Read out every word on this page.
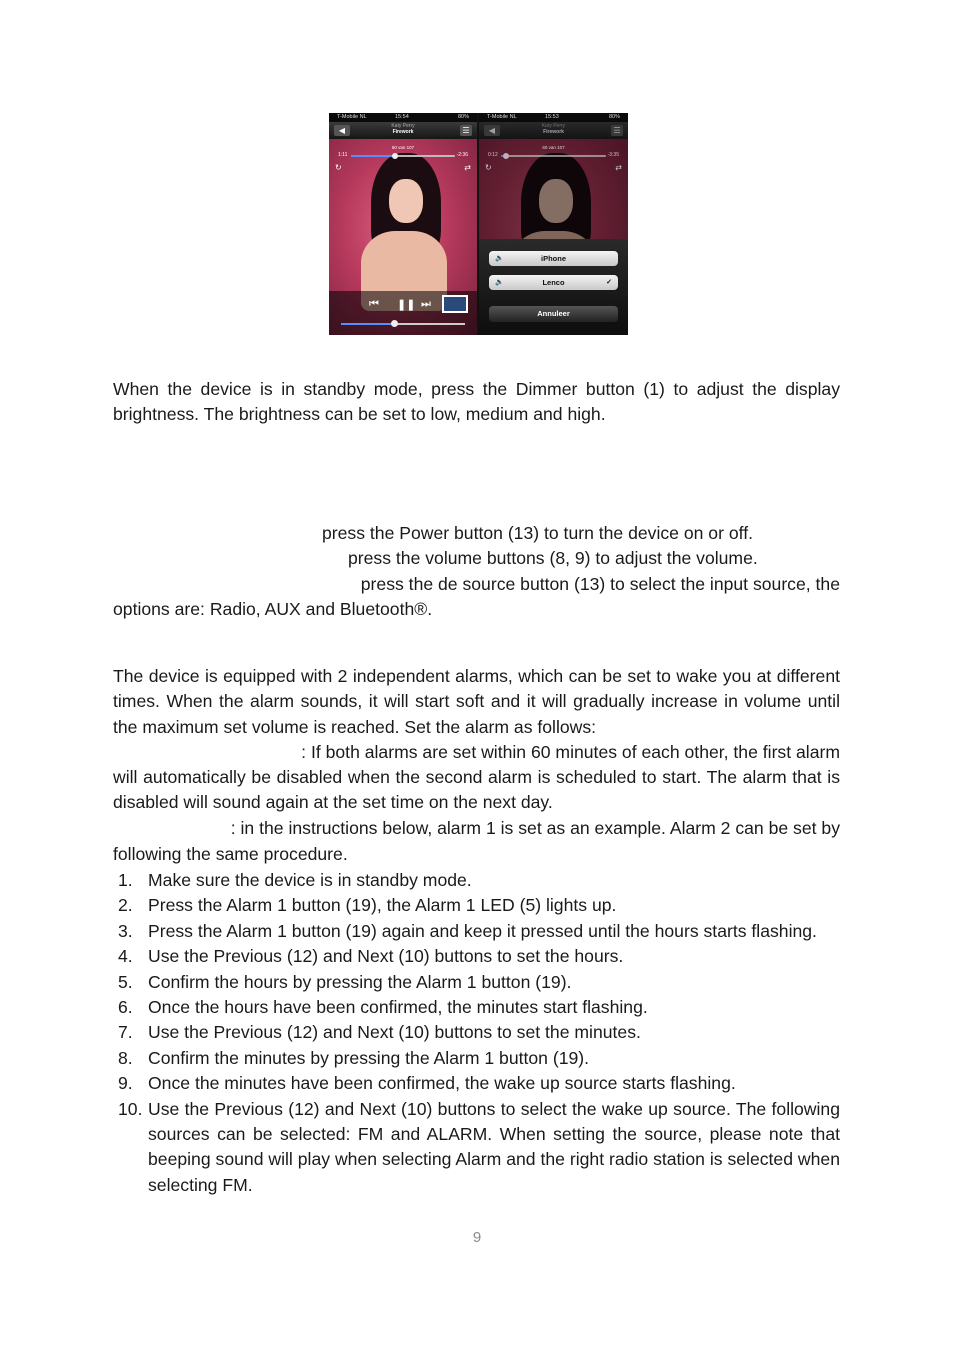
T-Mobile NL	15:54	80%
◀	Katy Perry
Firework	☰
60 van 107
1:11	-2:36
↻	⇄
⏮ ❚❚ ⏭
T-Mobile NL	15:53	80%
◀	Katy Perry
Firework	☰
60 van 107
0:12	-3:35
↻	⇄
🔈	iPhone
🔈	Lenco	✓
Annuleer

When the device is in standby mode, press the Dimmer button (1) to adjust the display brightness. The brightness can be set to low, medium and high.

press the Power button (13) to turn the device on or off.
press the volume buttons (8, 9) to adjust the volume.
press the de source button (13) to select the input source, the
options are: Radio, AUX and Bluetooth®.

The device is equipped with 2 independent alarms, which can be set to wake you at different times. When the alarm sounds, it will start soft and it will gradually increase in volume until the maximum set volume is reached. Set the alarm as follows:

: If both alarms are set within 60 minutes of each other, the first alarm

will automatically be disabled when the second alarm is scheduled to start. The alarm that is disabled will sound again at the set time on the next day.

: in the instructions below, alarm 1 is set as an example. Alarm 2 can be set by

following the same procedure.

1. Make sure the device is in standby mode.
2. Press the Alarm 1 button (19), the Alarm 1 LED (5) lights up.
3. Press the Alarm 1 button (19) again and keep it pressed until the hours starts flashing.
4. Use the Previous (12) and Next (10) buttons to set the hours.
5. Confirm the hours by pressing the Alarm 1 button (19).
6. Once the hours have been confirmed, the minutes start flashing.
7. Use the Previous (12) and Next (10) buttons to set the minutes.
8. Confirm the minutes by pressing the Alarm 1 button (19).
9. Once the minutes have been confirmed, the wake up source starts flashing.
10. Use the Previous (12) and Next (10) buttons to select the wake up source. The following sources can be selected: FM and ALARM. When setting the source, please note that beeping sound will play when selecting Alarm and the right radio station is selected when selecting FM.
9
